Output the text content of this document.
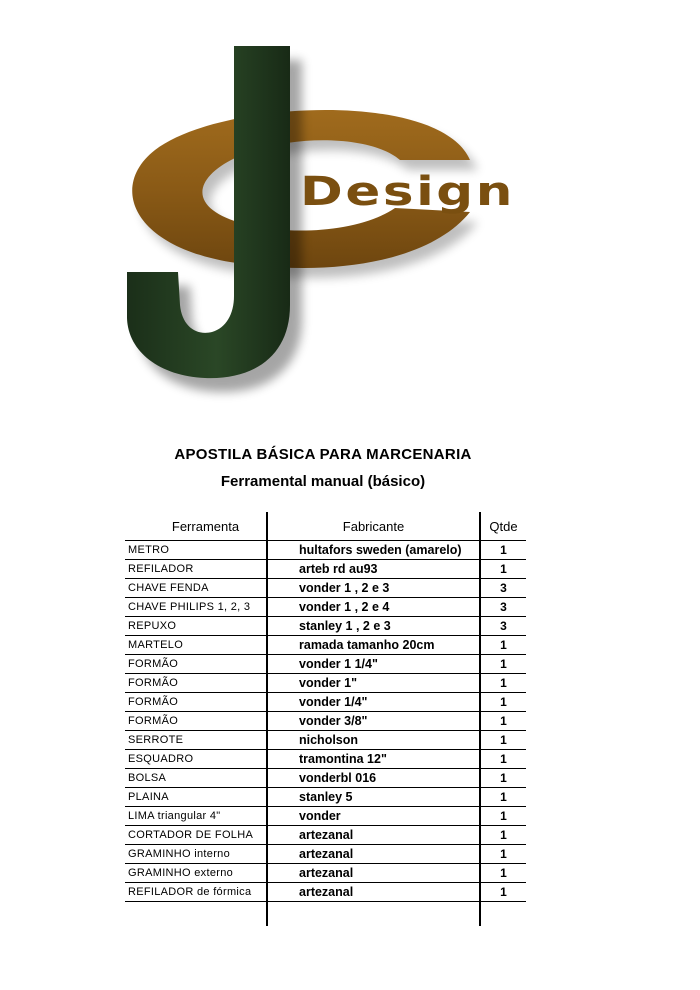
Design
APOSTILA BÁSICA PARA MARCENARIA
Ferramental manual (básico)
Ferramenta	Fabricante	Qtde
METRO	hultafors sweden (amarelo)	1
REFILADOR	arteb rd au93	1
CHAVE FENDA	vonder 1 , 2 e 3	3
CHAVE PHILIPS 1, 2, 3	vonder 1 , 2 e 4	3
REPUXO	stanley 1 , 2 e 3	3
MARTELO	ramada tamanho 20cm	1
FORMÃO	vonder 1 1/4"	1
FORMÃO	vonder 1"	1
FORMÃO	vonder 1/4"	1
FORMÃO	vonder 3/8"	1
SERROTE	nicholson	1
ESQUADRO	tramontina 12"	1
BOLSA	vonderbl 016	1
PLAINA	stanley 5	1
LIMA triangular 4"	vonder	1
CORTADOR DE FOLHA	artezanal	1
GRAMINHO interno	artezanal	1
GRAMINHO externo	artezanal	1
REFILADOR de fórmica	artezanal	1
